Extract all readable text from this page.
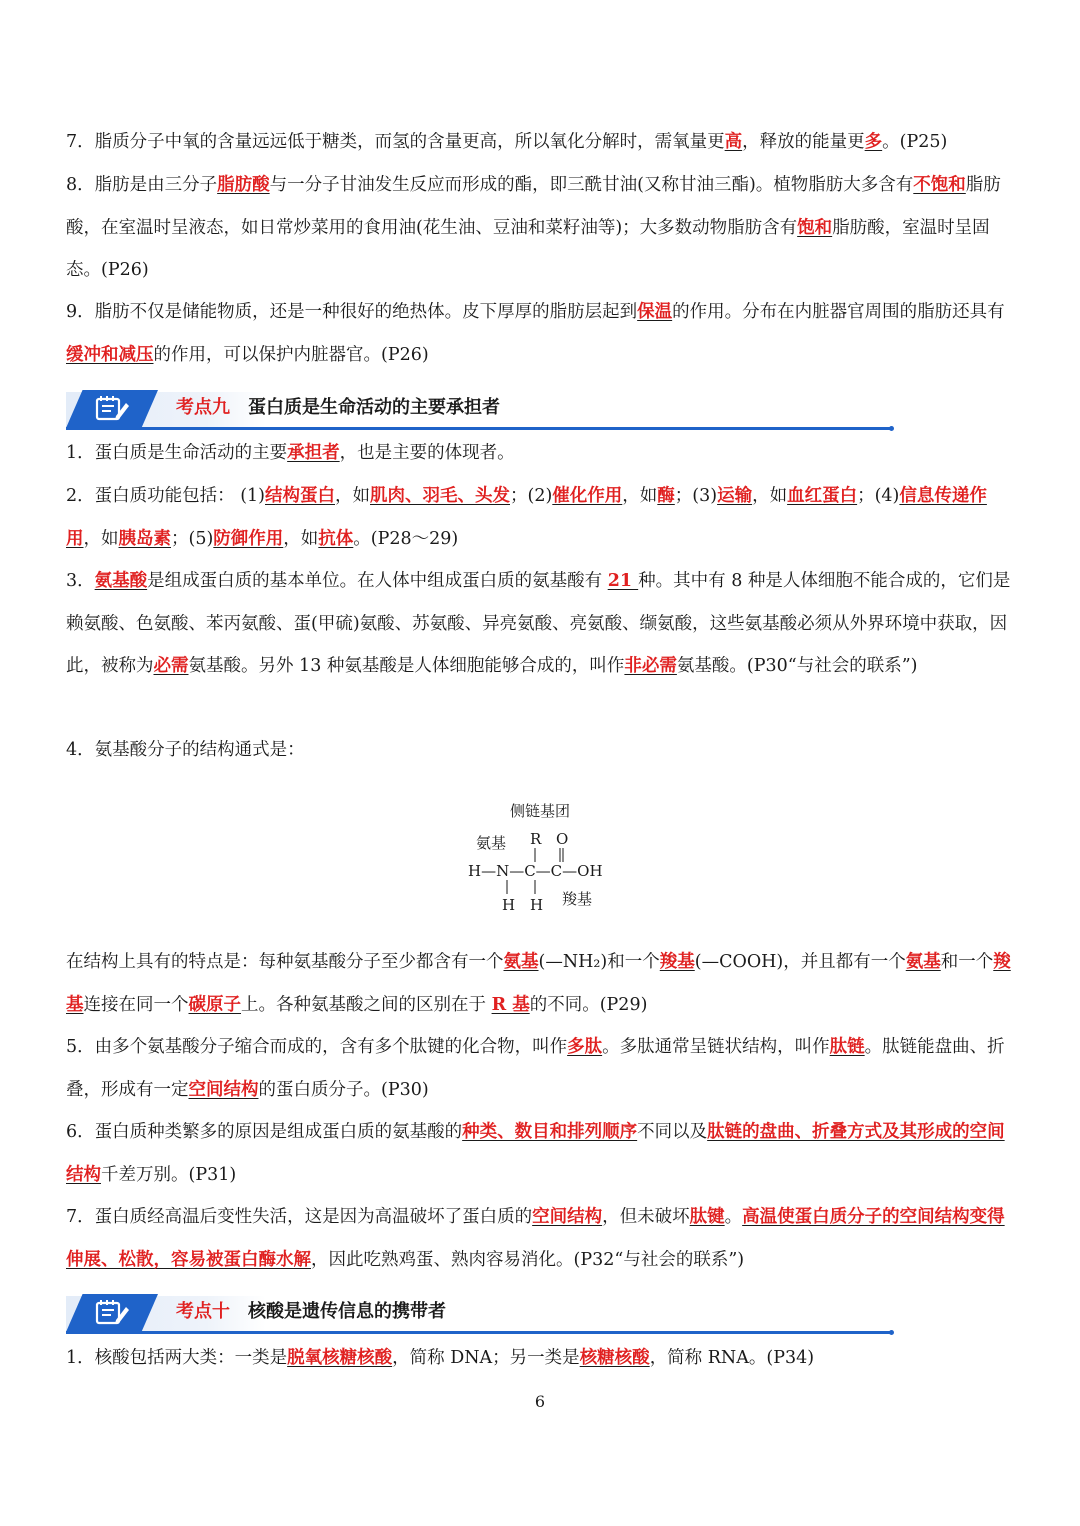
7．脂质分子中氧的含量远远低于糖类，而氢的含量更高，所以氧化分解时，需氧量更高，释放的能量更多。(P25)

8．脂肪是由三分子脂肪酸与一分子甘油发生反应而形成的酯，即三酰甘油(又称甘油三酯)。植物脂肪大多含有不饱和脂肪酸，在室温时呈液态，如日常炒菜用的食用油(花生油、豆油和菜籽油等)；大多数动物脂肪含有饱和脂肪酸，室温时呈固态。(P26)

9．脂肪不仅是储能物质，还是一种很好的绝热体。皮下厚厚的脂肪层起到保温的作用。分布在内脏器官周围的脂肪还具有缓冲和减压的作用，可以保护内脏器官。(P26)

考点九 蛋白质是生命活动的主要承担者

1．蛋白质是生命活动的主要承担者，也是主要的体现者。

2．蛋白质功能包括： (1)结构蛋白，如肌肉、羽毛、头发；(2)催化作用，如酶；(3)运输，如血红蛋白；(4)信息传递作用，如胰岛素；(5)防御作用，如抗体。(P28～29)

3．氨基酸是组成蛋白质的基本单位。在人体中组成蛋白质的氨基酸有 21 种。其中有 8 种是人体细胞不能合成的，它们是赖氨酸、色氨酸、苯丙氨酸、蛋(甲硫)氨酸、苏氨酸、异亮氨酸、亮氨酸、缬氨酸，这些氨基酸必须从外界环境中获取，因此，被称为必需氨基酸。另外 13 种氨基酸是人体细胞能够合成的，叫作非必需氨基酸。(P30“与社会的联系”)

4．氨基酸分子的结构通式是：

侧链基团
氨基 R O
H—N—C—C—OH
羧基
H H

在结构上具有的特点是：每种氨基酸分子至少都含有一个氨基(—NH₂)和一个羧基(—COOH)，并且都有一个氨基和一个羧基连接在同一个碳原子上。各种氨基酸之间的区别在于 R 基的不同。(P29)

5．由多个氨基酸分子缩合而成的，含有多个肽键的化合物，叫作多肽。多肽通常呈链状结构，叫作肽链。肽链能盘曲、折叠，形成有一定空间结构的蛋白质分子。(P30)

6．蛋白质种类繁多的原因是组成蛋白质的氨基酸的种类、数目和排列顺序不同以及肽链的盘曲、折叠方式及其形成的空间结构千差万别。(P31)

7．蛋白质经高温后变性失活，这是因为高温破坏了蛋白质的空间结构，但未破坏肽键。高温使蛋白质分子的空间结构变得伸展、松散，容易被蛋白酶水解，因此吃熟鸡蛋、熟肉容易消化。(P32“与社会的联系”)

考点十 核酸是遗传信息的携带者

1．核酸包括两大类：一类是脱氧核糖核酸，简称 DNA；另一类是核糖核酸，简称 RNA。(P34)

6
